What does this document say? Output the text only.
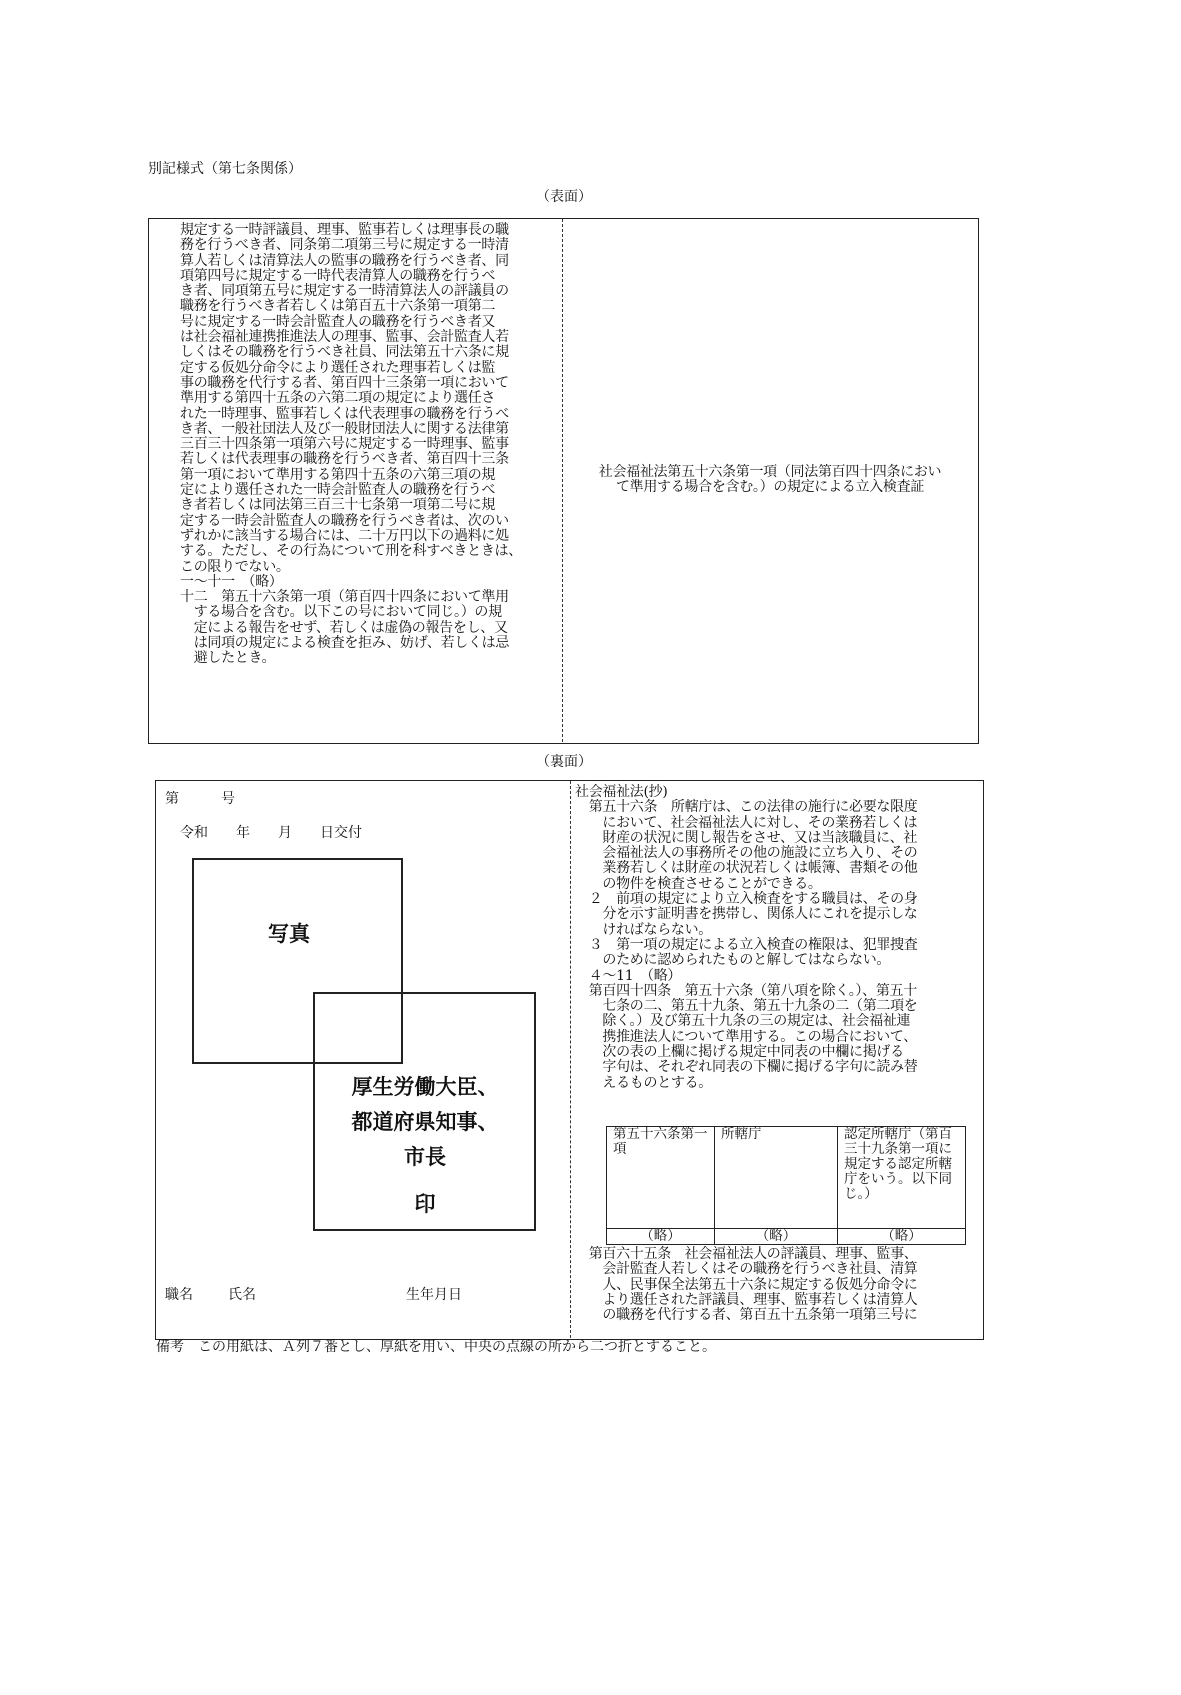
別記様式（第七条関係）
（表面）
規定する一時評議員、理事、監事若しくは理事長の職
務を行うべき者、同条第二項第三号に規定する一時清
算人若しくは清算法人の監事の職務を行うべき者、同
項第四号に規定する一時代表清算人の職務を行うべ
き者、同項第五号に規定する一時清算法人の評議員の
職務を行うべき者若しくは第百五十六条第一項第二
号に規定する一時会計監査人の職務を行うべき者又
は社会福祉連携推進法人の理事、監事、会計監査人若
しくはその職務を行うべき社員、同法第五十六条に規
定する仮処分命令により選任された理事若しくは監
事の職務を代行する者、第百四十三条第一項において
準用する第四十五条の六第二項の規定により選任さ
れた一時理事、監事若しくは代表理事の職務を行うべ
き者、一般社団法人及び一般財団法人に関する法律第
三百三十四条第一項第六号に規定する一時理事、監事
若しくは代表理事の職務を行うべき者、第百四十三条
第一項において準用する第四十五条の六第三項の規
定により選任された一時会計監査人の職務を行うべ
き者若しくは同法第三百三十七条第一項第二号に規
定する一時会計監査人の職務を行うべき者は、次のい
ずれかに該当する場合には、二十万円以下の過料に処
する。ただし、その行為について刑を科すべきときは、
この限りでない。
一～十一　（略）
十二　第五十六条第一項（第百四十四条において準用
　する場合を含む。以下この号において同じ。）の規
　定による報告をせず、若しくは虚偽の報告をし、又
　は同項の規定による検査を拒み、妨げ、若しくは忌
　避したとき。
社会福祉法第五十六条第一項（同法第百四十四条におい
て準用する場合を含む。）の規定による立入検査証
（裏面）
第　　　号
令和　　年　　月　　日交付
写真
厚生労働大臣、
都道府県知事、
市長
印
職名	氏名	生年月日
社会福祉法(抄)
　第五十六条　所轄庁は、この法律の施行に必要な限度
　　において、社会福祉法人に対し、その業務若しくは
　　財産の状況に関し報告をさせ、又は当該職員に、社
　　会福祉法人の事務所その他の施設に立ち入り、その
　　業務若しくは財産の状況若しくは帳簿、書類その他
　　の物件を検査させることができる。
　２　前項の規定により立入検査をする職員は、その身
　　分を示す証明書を携帯し、関係人にこれを提示しな
　　ければならない。
　３　第一項の規定による立入検査の権限は、犯罪捜査
　　のために認められたものと解してはならない。
　４～11　（略）
　第百四十四条　第五十六条（第八項を除く。）、第五十
　　七条の二、第五十九条、第五十九条の二（第二項を
　　除く。）及び第五十九条の三の規定は、社会福祉連
　　携推進法人について準用する。この場合において、
　　次の表の上欄に掲げる規定中同表の中欄に掲げる
　　字句は、それぞれ同表の下欄に掲げる字句に読み替
　　えるものとする。
第五十六条第一項	所轄庁	認定所轄庁（第百三十九条第一項に規定する認定所轄庁をいう。以下同じ。）
（略）	（略）	（略）
　第百六十五条　社会福祉法人の評議員、理事、監事、
　　会計監査人若しくはその職務を行うべき社員、清算
　　人、民事保全法第五十六条に規定する仮処分命令に
　　より選任された評議員、理事、監事若しくは清算人
　　の職務を代行する者、第百五十五条第一項第三号に
備考　この用紙は、Ａ列７番とし、厚紙を用い、中央の点線の所から二つ折とすること。
